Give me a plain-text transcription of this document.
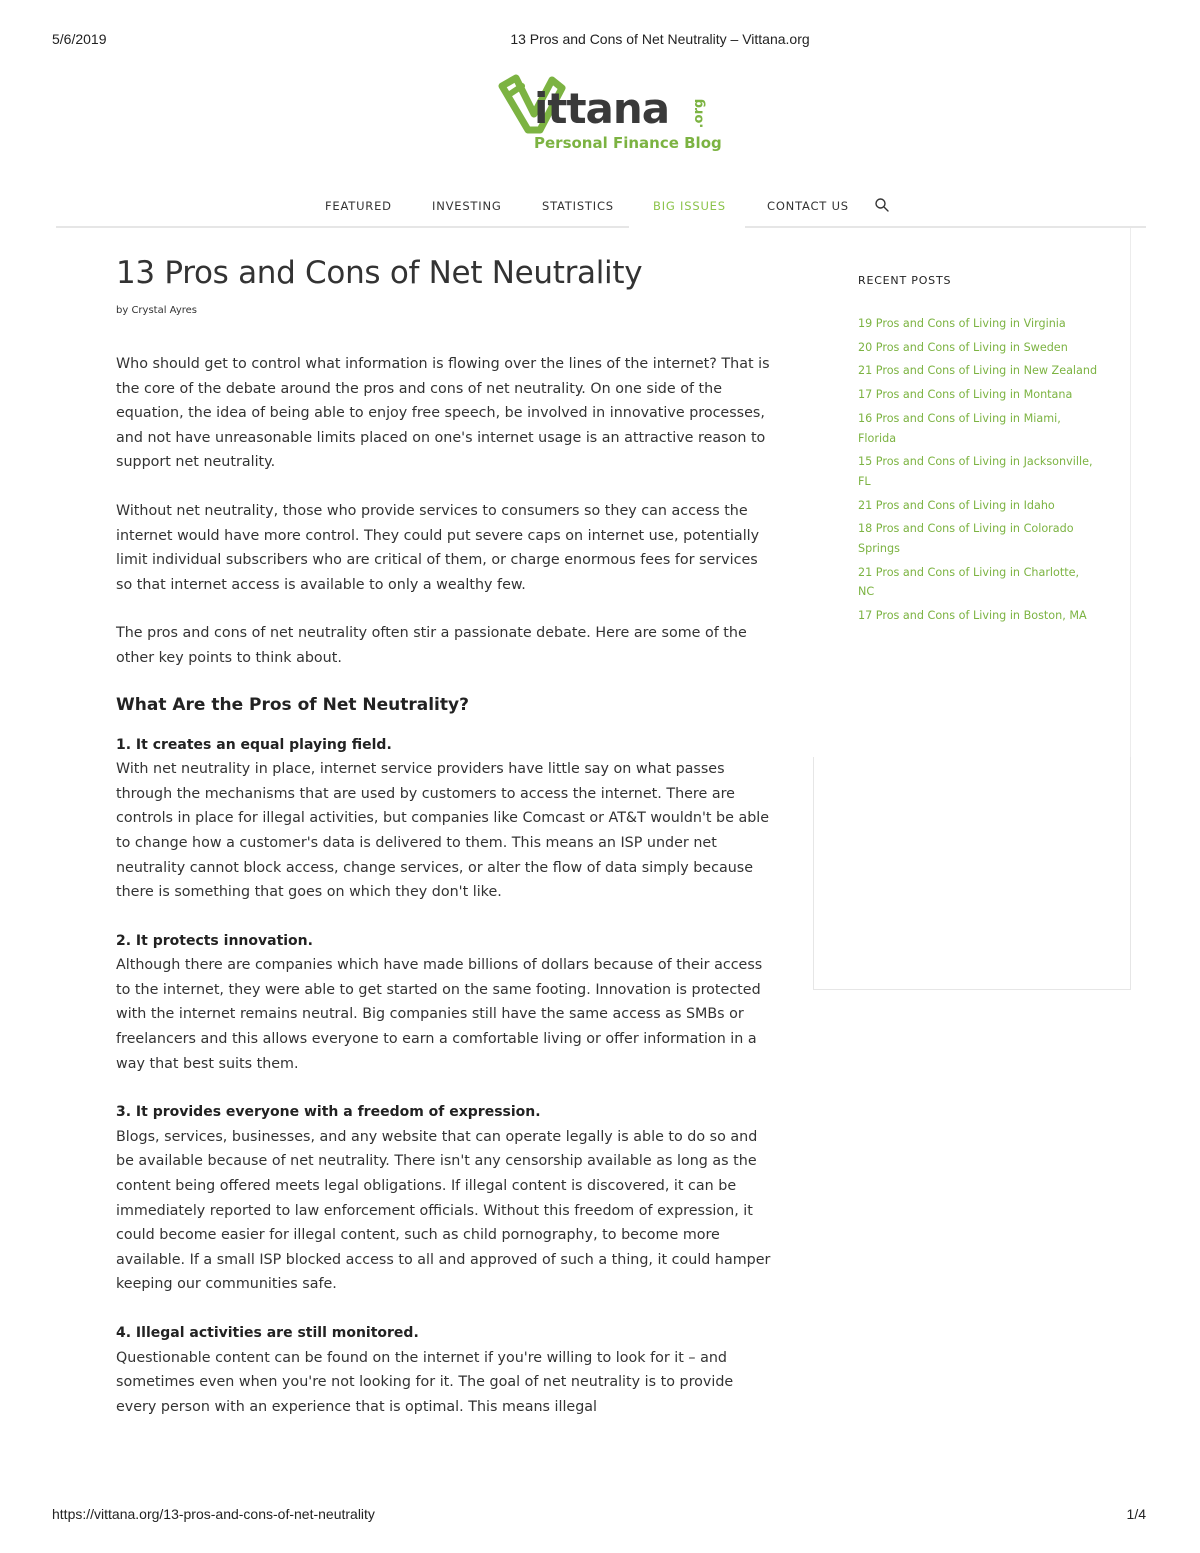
5/6/2019	13 Pros and Cons of Net Neutrality – Vittana.org
ittana .org
Personal Finance Blog
FEATURED	INVESTING	STATISTICS	BIG ISSUES	CONTACT US
13 Pros and Cons of Net Neutrality
by Crystal Ayres

Who should get to control what information is flowing over the lines of the internet? That is the core of the debate around the pros and cons of net neutrality. On one side of the equation, the idea of being able to enjoy free speech, be involved in innovative processes, and not have unreasonable limits placed on one's internet usage is an attractive reason to support net neutrality.

Without net neutrality, those who provide services to consumers so they can access the internet would have more control. They could put severe caps on internet use, potentially limit individual subscribers who are critical of them, or charge enormous fees for services so that internet access is available to only a wealthy few.

The pros and cons of net neutrality often stir a passionate debate. Here are some of the other key points to think about.

What Are the Pros of Net Neutrality?
1. It creates an equal playing field.

With net neutrality in place, internet service providers have little say on what passes through the mechanisms that are used by customers to access the internet. There are controls in place for illegal activities, but companies like Comcast or AT&T wouldn't be able to change how a customer's data is delivered to them. This means an ISP under net neutrality cannot block access, change services, or alter the flow of data simply because there is something that goes on which they don't like.

2. It protects innovation.

Although there are companies which have made billions of dollars because of their access to the internet, they were able to get started on the same footing. Innovation is protected with the internet remains neutral. Big companies still have the same access as SMBs or freelancers and this allows everyone to earn a comfortable living or offer information in a way that best suits them.

3. It provides everyone with a freedom of expression.

Blogs, services, businesses, and any website that can operate legally is able to do so and be available because of net neutrality. There isn't any censorship available as long as the content being offered meets legal obligations. If illegal content is discovered, it can be immediately reported to law enforcement officials. Without this freedom of expression, it could become easier for illegal content, such as child pornography, to become more available. If a small ISP blocked access to all and approved of such a thing, it could hamper keeping our communities safe.

4. Illegal activities are still monitored.

Questionable content can be found on the internet if you're willing to look for it – and sometimes even when you're not looking for it. The goal of net neutrality is to provide every person with an experience that is optimal. This means illegal

RECENT POSTS
19 Pros and Cons of Living in Virginia
20 Pros and Cons of Living in Sweden
21 Pros and Cons of Living in New Zealand
17 Pros and Cons of Living in Montana
16 Pros and Cons of Living in Miami, Florida
15 Pros and Cons of Living in Jacksonville, FL
21 Pros and Cons of Living in Idaho
18 Pros and Cons of Living in Colorado Springs
21 Pros and Cons of Living in Charlotte, NC
17 Pros and Cons of Living in Boston, MA
https://vittana.org/13-pros-and-cons-of-net-neutrality	1/4
